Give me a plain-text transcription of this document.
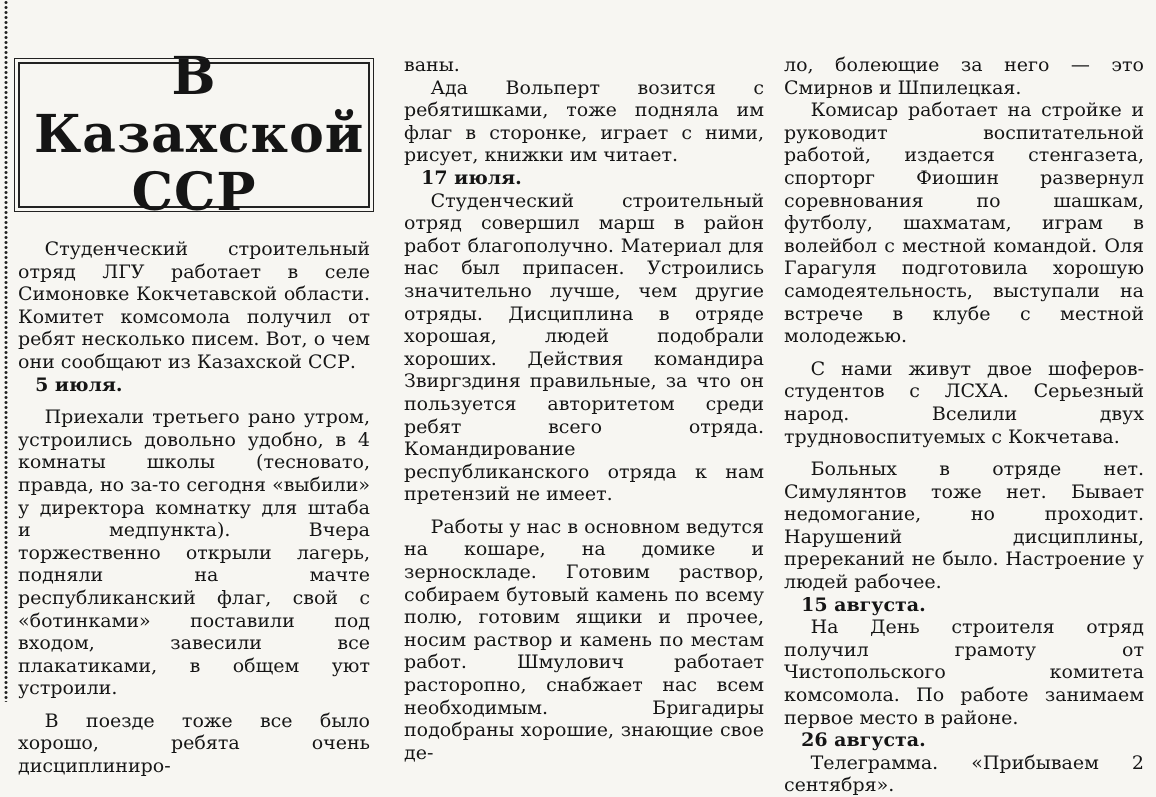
В Казахской ССР

Студенческий строительный отряд ЛГУ работает в селе Симоновке Кокчетавской области. Комитет комсомола получил от ребят несколько писем. Вот, о чем они сообщают из Казахской ССР.

5 июля.

Приехали третьего рано утром, устроились довольно удобно, в 4 комнаты школы (тесновато, правда, но за-то сегодня «выбили» у директора комнатку для штаба и медпункта). Вчера торжественно открыли лагерь, подняли на мачте республиканский флаг, свой с «ботинками» поставили под входом, завесили все плакатиками, в общем уют устроили.

В поезде тоже все было хорошо, ребята очень дисциплиниро-

ваны.

Ада Вольперт возится с ребятишками, тоже подняла им флаг в сторонке, играет с ними, рисует, книжки им читает.

17 июля.

Студенческий строительный отряд совершил марш в район работ благополучно. Материал для нас был припасен. Устроились значительно лучше, чем другие отряды. Дисциплина в отряде хорошая, людей подобрали хороших. Действия командира Звиргздиня правильные, за что он пользуется авторитетом среди ребят всего отряда. Командирование республиканского отряда к нам претензий не имеет.

Работы у нас в основном ведутся на кошаре, на домике и зерноскладе. Готовим раствор, собираем бутовый камень по всему полю, готовим ящики и прочее, носим раствор и камень по местам работ. Шмулович работает расторопно, снабжает нас всем необходимым. Бригадиры подобраны хорошие, знающие свое де-

ло, болеющие за него — это Смирнов и Шпилецкая.

Комисар работает на стройке и руководит воспитательной работой, издается стенгазета, спорторг Фиошин развернул соревнования по шашкам, футболу, шахматам, играм в волейбол с местной командой. Оля Гарагуля подготовила хорошую самодеятельность, выступали на встрече в клубе с местной молодежью.

С нами живут двое шоферов-студентов с ЛСХА. Серьезный народ. Вселили двух трудновоспитуемых с Кокчетава.

Больных в отряде нет. Симулянтов тоже нет. Бывает недомогание, но проходит. Нарушений дисциплины, пререканий не было. Настроение у людей рабочее.

15 августа.

На День строителя отряд получил грамоту от Чистопольского комитета комсомола. По работе занимаем первое место в районе.

26 августа.

Телеграмма. «Прибываем 2 сентября».
